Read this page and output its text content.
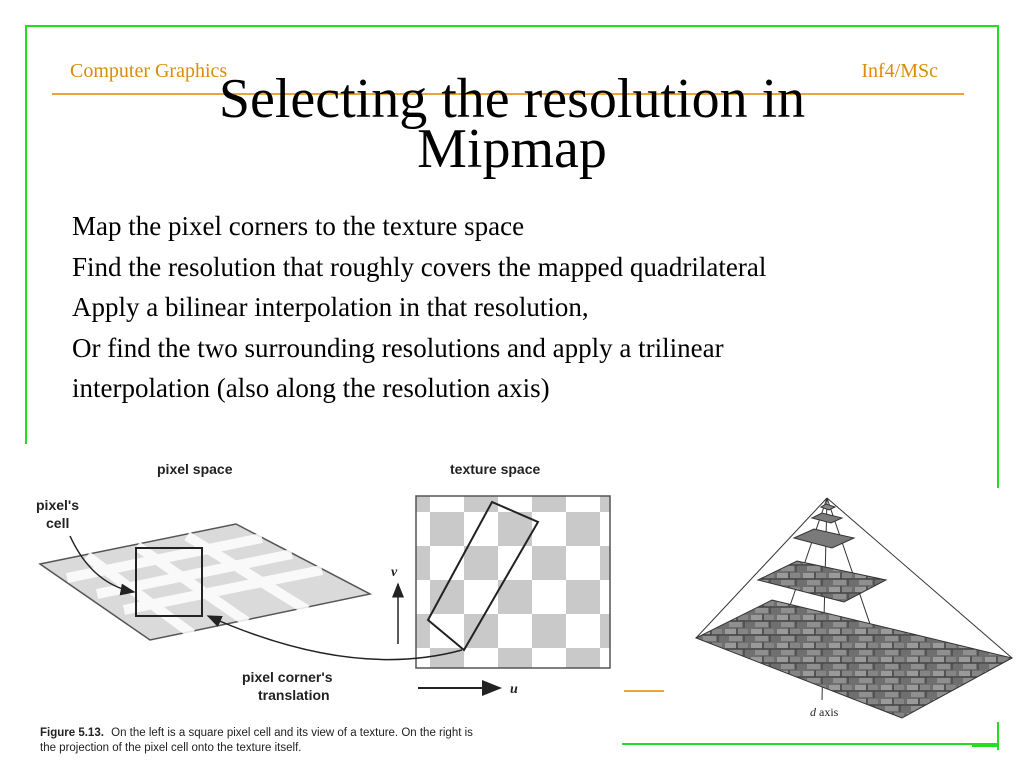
Computer Graphics	Inf4/MSc
Selecting the resolution in
Mipmap
Map the pixel corners to the texture space
Find the resolution that roughly covers the mapped quadrilateral
Apply a bilinear interpolation in that resolution,
Or find the two surrounding resolutions and apply a trilinear
interpolation (also along the resolution axis)
pixel space
pixel's
cell
texture space
v
u
pixel corner's
translation
Figure 5.13. On the left is a square pixel cell and its view of a texture. On the right is
the projection of the pixel cell onto the texture itself.
d axis
